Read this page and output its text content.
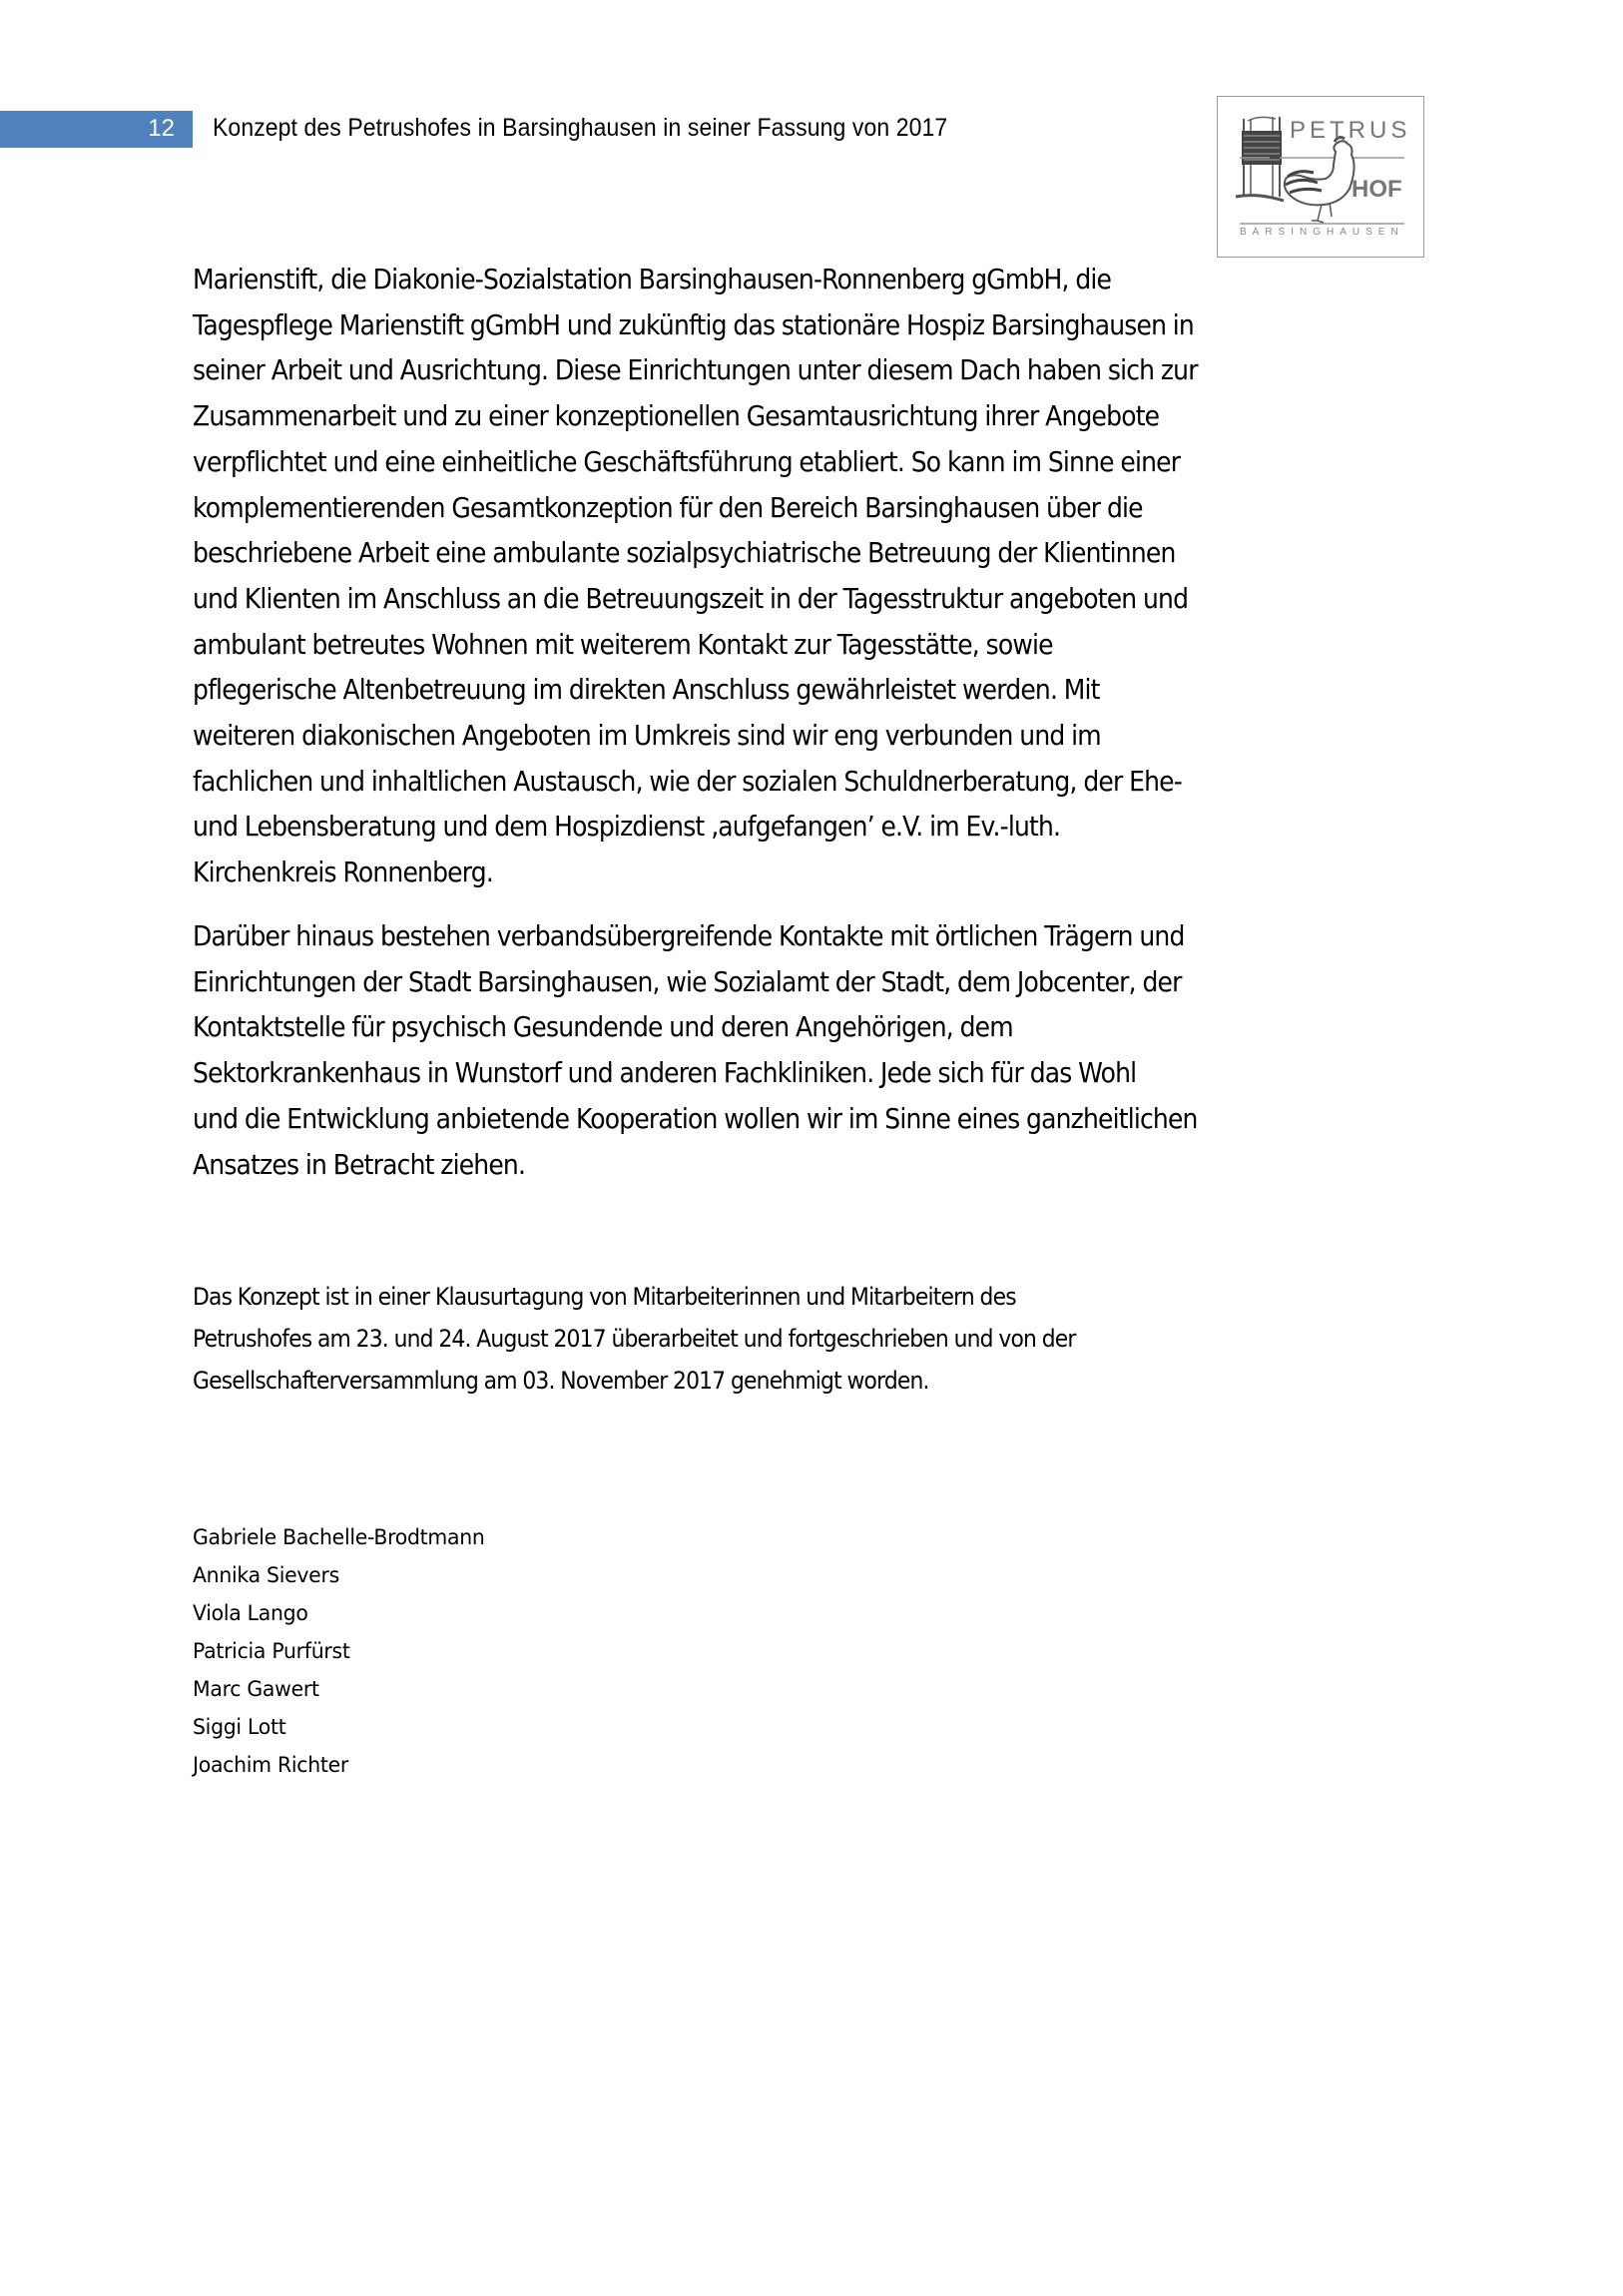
12 Konzept des Petrushofes in Barsinghausen in seiner Fassung von 2017	PETRUS
HOF
BARSINGHAUSEN

Marienstift, die Diakonie-Sozialstation Barsinghausen-Ronnenberg gGmbH, die
Tagespflege Marienstift gGmbH und zukünftig das stationäre Hospiz Barsinghausen in
seiner Arbeit und Ausrichtung. Diese Einrichtungen unter diesem Dach haben sich zur
Zusammenarbeit und zu einer konzeptionellen Gesamtausrichtung ihrer Angebote
verpflichtet und eine einheitliche Geschäftsführung etabliert. So kann im Sinne einer
komplementierenden Gesamtkonzeption für den Bereich Barsinghausen über die
beschriebene Arbeit eine ambulante sozialpsychiatrische Betreuung der Klientinnen
und Klienten im Anschluss an die Betreuungszeit in der Tagesstruktur angeboten und
ambulant betreutes Wohnen mit weiterem Kontakt zur Tagesstätte, sowie
pflegerische Altenbetreuung im direkten Anschluss gewährleistet werden. Mit
weiteren diakonischen Angeboten im Umkreis sind wir eng verbunden und im
fachlichen und inhaltlichen Austausch, wie der sozialen Schuldnerberatung, der Ehe-
und Lebensberatung und dem Hospizdienst ‚aufgefangen’ e.V. im Ev.-luth.
Kirchenkreis Ronnenberg.

Darüber hinaus bestehen verbandsübergreifende Kontakte mit örtlichen Trägern und
Einrichtungen der Stadt Barsinghausen, wie Sozialamt der Stadt, dem Jobcenter, der
Kontaktstelle für psychisch Gesundende und deren Angehörigen, dem
Sektorkrankenhaus in Wunstorf und anderen Fachkliniken. Jede sich für das Wohl
und die Entwicklung anbietende Kooperation wollen wir im Sinne eines ganzheitlichen
Ansatzes in Betracht ziehen.

Das Konzept ist in einer Klausurtagung von Mitarbeiterinnen und Mitarbeitern des
Petrushofes am 23. und 24. August 2017 überarbeitet und fortgeschrieben und von der
Gesellschafterversammlung am 03. November 2017 genehmigt worden.

Gabriele Bachelle-Brodtmann
Annika Sievers
Viola Lango
Patricia Purfürst
Marc Gawert
Siggi Lott
Joachim Richter
